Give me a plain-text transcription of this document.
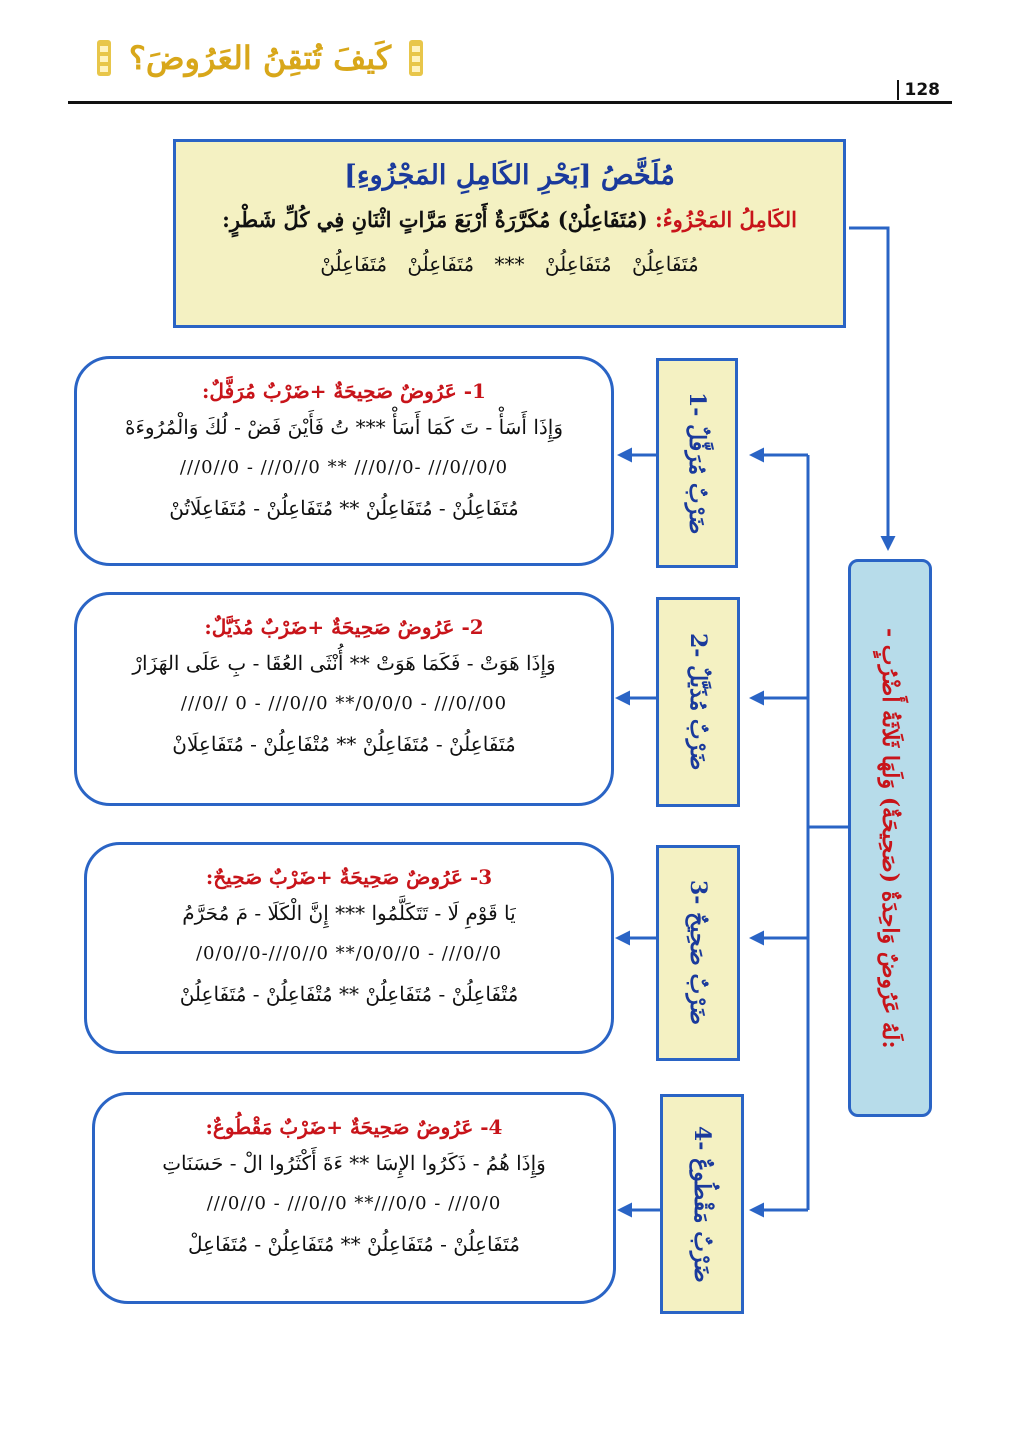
كَيفَ تُتقِنُ العَرُوضَ؟
128
مُلَخَّصُ [بَحْرِ الكَامِلِ المَجْزُوءِ]
الكَامِلُ المَجْزُوءُ: (مُتَفَاعِلُنْ) مُكَرَّرَةٌ أَرْبَعَ مَرَّاتٍ اثْنَانِ فِي كُلِّ شَطْرٍ:
مُتَفَاعِلُنْ مُتَفَاعِلُنْ *** مُتَفَاعِلُنْ مُتَفَاعِلُنْ
- لَهُ عَرُوضٌ وَاحِدَةٌ (صَحِيحَةٌ) وَلَهَا ثَلَاثَةُ أَضْرُبٍ:
1- ضَرْبٌ مُرَفَّلٌ
1- عَرُوضٌ صَحِيحَةٌ +ضَرْبٌ مُرَفَّلٌ:
وَإِذَا أَسَأْ - تَ كَمَا أَسَأْ *** تُ فَأَيْنَ فَضْ - لُكَ وَالْمُرُوءَهْ
///0//0 - ///0//0 ** ///0//0- ///0//0/0
مُتَفَاعِلُنْ - مُتَفَاعِلُنْ ** مُتَفَاعِلُنْ - مُتَفَاعِلَاتُنْ
2- ضَرْبٌ مُذَيَّلٌ
2- عَرُوضٌ صَحِيحَةٌ +ضَرْبٌ مُذَيَّلٌ:
وَإِذَا هَوَتْ - فَكَمَا هَوَتْ ** أُنْثَى العُقَا - بِ عَلَى الهَزَارْ
///0// 0 - ///0//0 **/0/0/0 - ///0//00
مُتَفَاعِلُنْ - مُتَفَاعِلُنْ ** مُتْفَاعِلُنْ - مُتَفَاعِلَانْ
3- ضَرْبٌ صَحِيحٌ
3- عَرُوضٌ صَحِيحَةٌ +ضَرْبٌ صَحِيحٌ:
يَا قَوْمِ لَا - تَتَكَلَّمُوا *** إِنَّ الْكَلَا - مَ مُحَرَّمُ
/0/0//0-///0//0 **/0/0//0 - ///0//0
مُتْفَاعِلُنْ - مُتَفَاعِلُنْ ** مُتْفَاعِلُنْ - مُتَفَاعِلُنْ
4- ضَرْبٌ مَقْطُوعٌ
4- عَرُوضٌ صَحِيحَةٌ +ضَرْبٌ مَقْطُوعٌ:
وَإِذَا هُمُ - ذَكَرُوا الإِسَا ** ءَةَ أَكْثَرُوا الْ - حَسَنَاتِ
///0//0 - ///0//0 **///0/0 - ///0/0
مُتَفَاعِلُنْ - مُتَفَاعِلُنْ ** مُتَفَاعِلُنْ - مُتَفَاعِلْ
